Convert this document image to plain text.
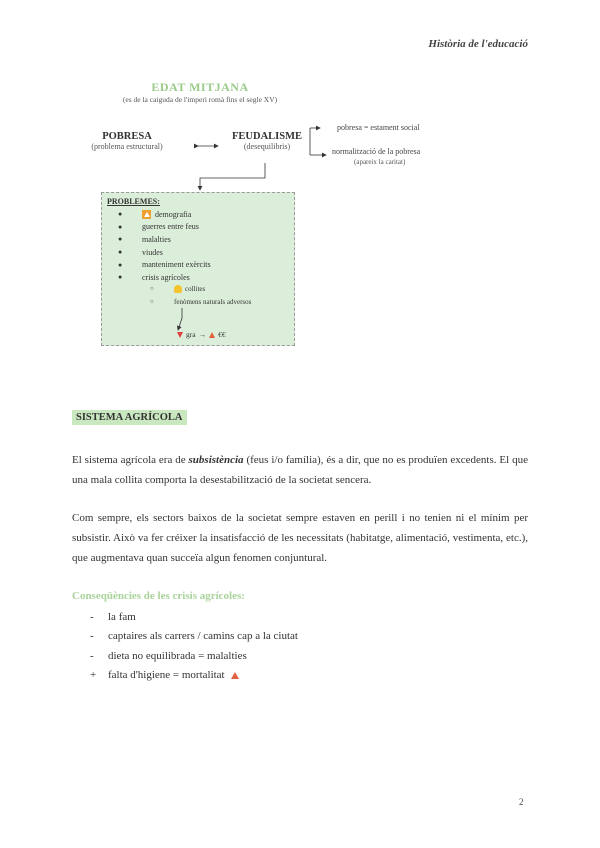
Història de l'educació
EDAT MITJANA
(es de la caiguda de l'imperi romà fins el segle XV)
POBRESA
(problema estructural)
FEUDALISME
(desequilibris)
pobresa = estament social
normalització de la pobresa
(apareix la caritat)
PROBLEMES:
●	demografia
●	guerres entre feus
●	malalties
●	viudes
●	manteniment exèrcits
●	crisis agrícoles
○	collites
○	fenòmens naturals adversos
gra → €€
SISTEMA AGRÍCOLA
El sistema agrícola era de subsistència (feus i/o família), és a dir, que no es produïen excedents. El que una mala collita comporta la desestabilització de la societat sencera.
Com sempre, els sectors baixos de la societat sempre estaven en perill i no tenien ni el mínim per subsistir. Això va fer créixer la insatisfacció de les necessitats (habitatge, alimentació, vestimenta, etc.), que augmentava quan succeïa algun fenomen conjuntural.
Conseqüències de les crisis agrícoles:
-	la fam
-	captaires als carrers / camins cap a la ciutat
-	dieta no equilibrada = malalties
+	falta d'higiene = mortalitat
2
